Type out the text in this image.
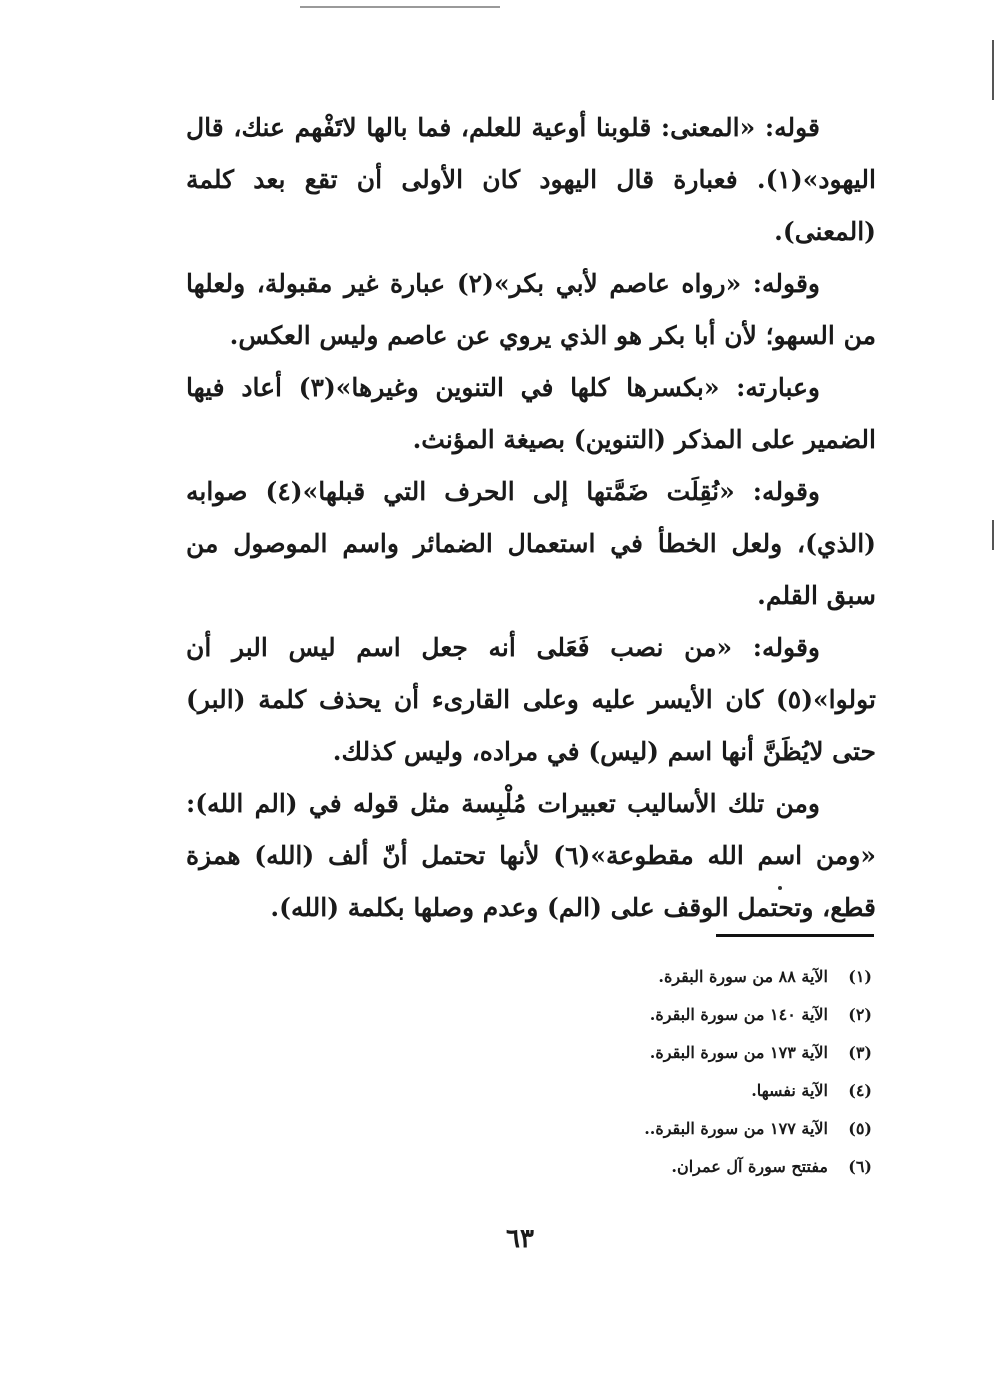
قوله: «المعنى: قلوبنا أوعية للعلم، فما بالها لاتَفْهم عنك، قال اليهود»(١). فعبارة قال اليهود كان الأولى أن تقع بعد كلمة (المعنى).

وقوله: «رواه عاصم لأبي بكر»(٢) عبارة غير مقبولة، ولعلها من السهو؛ لأن أبا بكر هو الذي يروي عن عاصم وليس العكس.

وعبارته: «بكسرها كلها في التنوين وغيرها»(٣) أعاد فيها الضمير على المذكر (التنوين) بصيغة المؤنث.

وقوله: «نُقِلَت ضَمَّتها إلى الحرف التي قبلها»(٤) صوابه (الذي)، ولعل الخطأ في استعمال الضمائر واسم الموصول من سبق القلم.

وقوله: «من نصب فَعَلى أنه جعل اسم ليس البر أن تولوا»(٥) كان الأيسر عليه وعلى القارىء أن يحذف كلمة (البر) حتى لايُظَنَّ أنها اسم (ليس) في مراده، وليس كذلك.

ومن تلك الأساليب تعبيرات مُلْبِسة مثل قوله في (الم الله): «ومن اسم الله مقطوعة»(٦) لأنها تحتمل أنّ ألف (الله) همزة قطع، وتحتمل الوقف على (الم) وعدم وصلها بكلمة (الله).

(١)الآية ٨٨ من سورة البقرة.
(٢)الآية ١٤٠ من سورة البقرة.
(٣)الآية ١٧٣ من سورة البقرة.
(٤)الآية نفسها.
(٥)الآية ١٧٧ من سورة البقرة..
(٦)مفتتح سورة آل عمران.
٦٣
